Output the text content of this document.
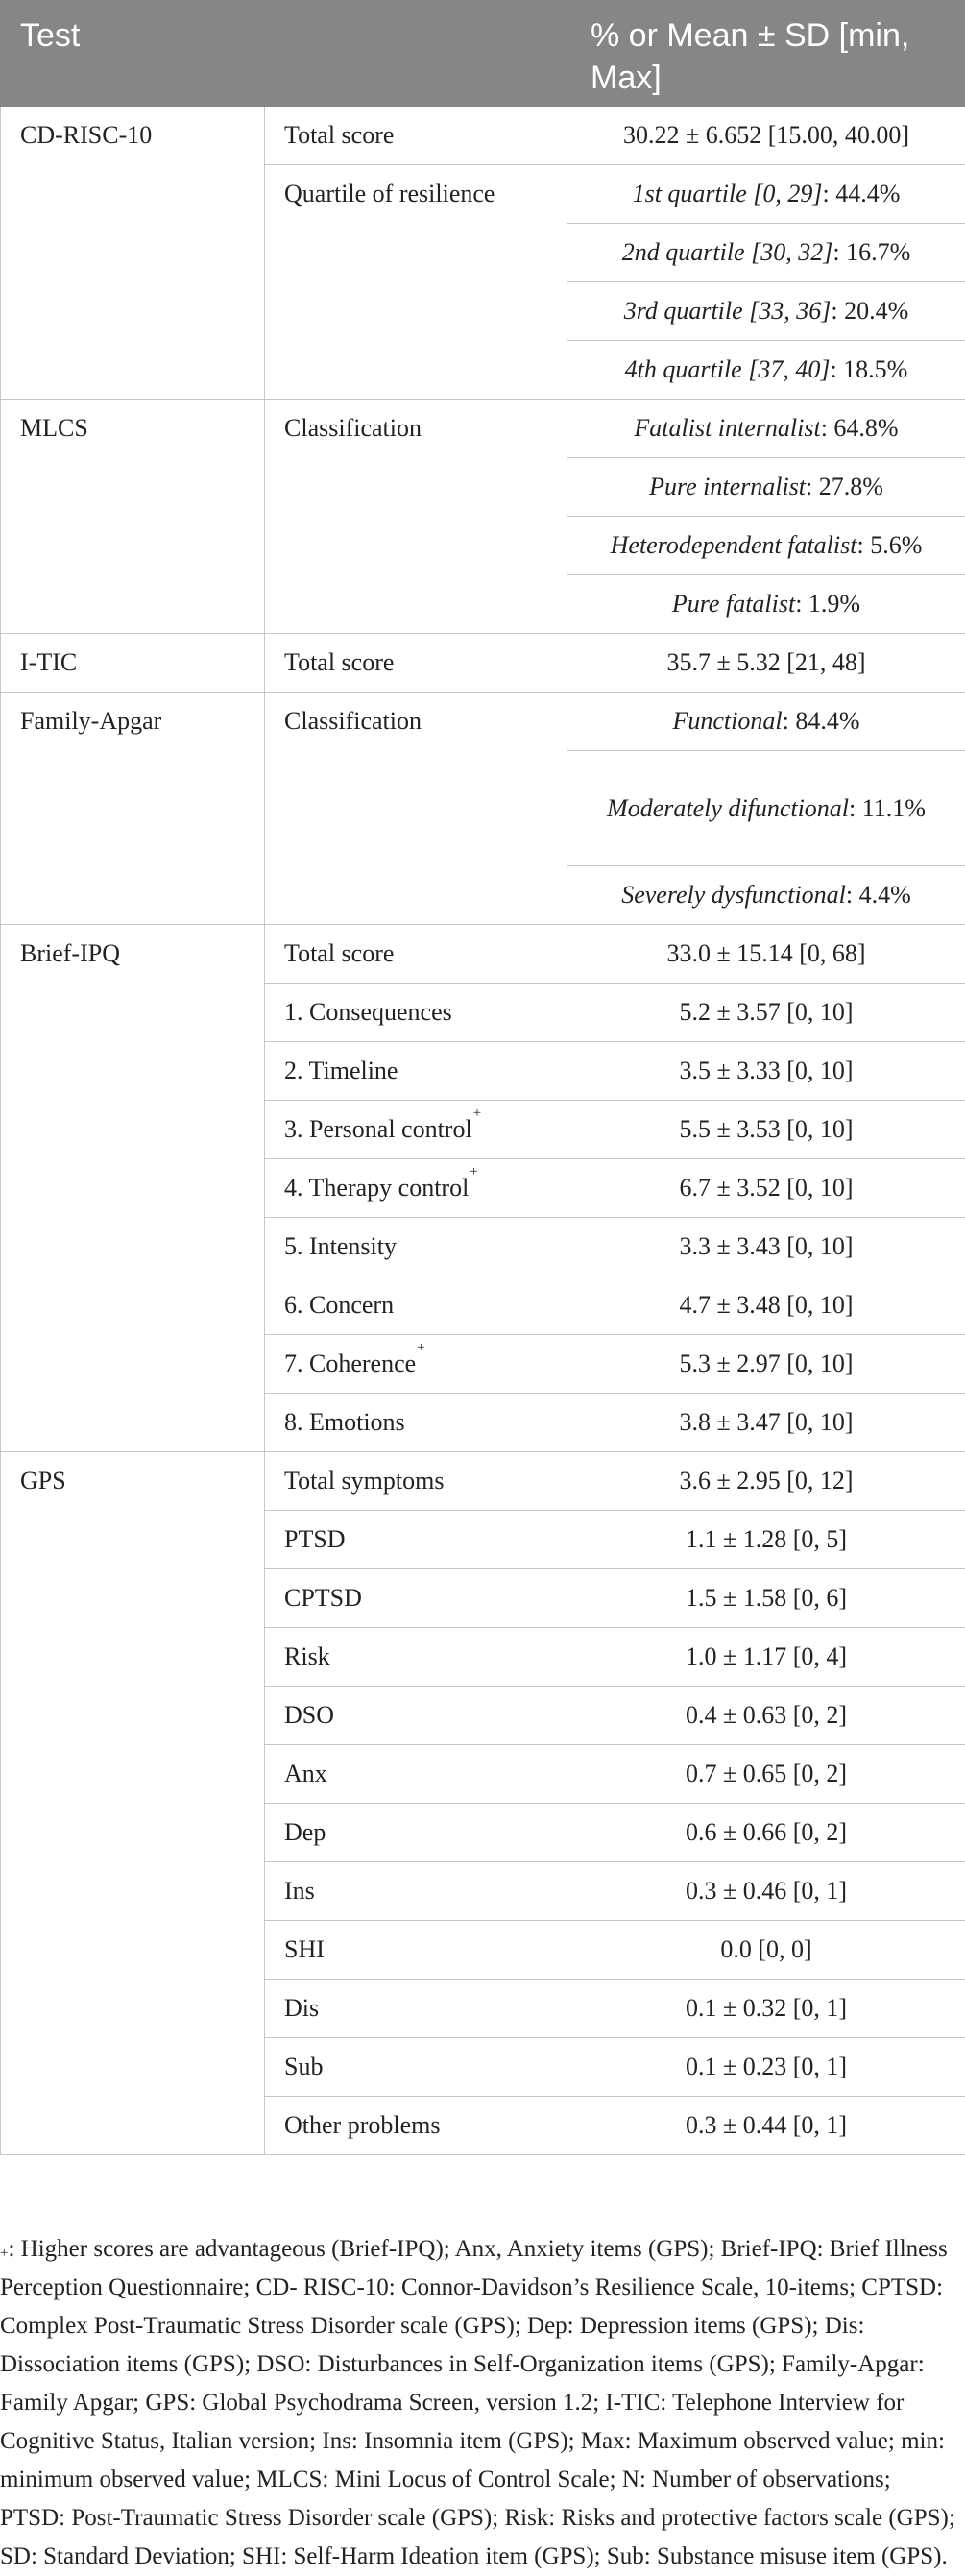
Test		% or Mean ± SD [min, Max]
CD-RISC-10	Total score	30.22 ± 6.652 [15.00, 40.00]
	Quartile of resilience	1st quartile [0, 29]: 44.4%
		2nd quartile [30, 32]: 16.7%
		3rd quartile [33, 36]: 20.4%
		4th quartile [37, 40]: 18.5%
MLCS	Classification	Fatalist internalist: 64.8%
		Pure internalist: 27.8%
		Heterodependent fatalist: 5.6%
		Pure fatalist: 1.9%
I-TIC	Total score	35.7 ± 5.32 [21, 48]
Family-Apgar	Classification	Functional: 84.4%
		Moderately difunctional: 11.1%
		Severely dysfunctional: 4.4%
Brief-IPQ	Total score	33.0 ± 15.14 [0, 68]
	1. Consequences	5.2 ± 3.57 [0, 10]
	2. Timeline	3.5 ± 3.33 [0, 10]
	3. Personal control+	5.5 ± 3.53 [0, 10]
	4. Therapy control+	6.7 ± 3.52 [0, 10]
	5. Intensity	3.3 ± 3.43 [0, 10]
	6. Concern	4.7 ± 3.48 [0, 10]
	7. Coherence+	5.3 ± 2.97 [0, 10]
	8. Emotions	3.8 ± 3.47 [0, 10]
GPS	Total symptoms	3.6 ± 2.95 [0, 12]
	PTSD	1.1 ± 1.28 [0, 5]
	CPTSD	1.5 ± 1.58 [0, 6]
	Risk	1.0 ± 1.17 [0, 4]
	DSO	0.4 ± 0.63 [0, 2]
	Anx	0.7 ± 0.65 [0, 2]
	Dep	0.6 ± 0.66 [0, 2]
	Ins	0.3 ± 0.46 [0, 1]
	SHI	0.0 [0, 0]
	Dis	0.1 ± 0.32 [0, 1]
	Sub	0.1 ± 0.23 [0, 1]
	Other problems	0.3 ± 0.44 [0, 1]
+: Higher scores are advantageous (Brief-IPQ); Anx, Anxiety items (GPS); Brief-IPQ: Brief Illness Perception Questionnaire; CD- RISC-10: Connor-Davidson’s Resilience Scale, 10-items; CPTSD: Complex Post-Traumatic Stress Disorder scale (GPS); Dep: Depression items (GPS); Dis: Dissociation items (GPS); DSO: Disturbances in Self-Organization items (GPS); Family-Apgar: Family Apgar; GPS: Global Psychodrama Screen, version 1.2; I-TIC: Telephone Interview for Cognitive Status, Italian version; Ins: Insomnia item (GPS); Max: Maximum observed value; min: minimum observed value; MLCS: Mini Locus of Control Scale; N: Number of observations; PTSD: Post-Traumatic Stress Disorder scale (GPS); Risk: Risks and protective factors scale (GPS); SD: Standard Deviation; SHI: Self-Harm Ideation item (GPS); Sub: Substance misuse item (GPS).
